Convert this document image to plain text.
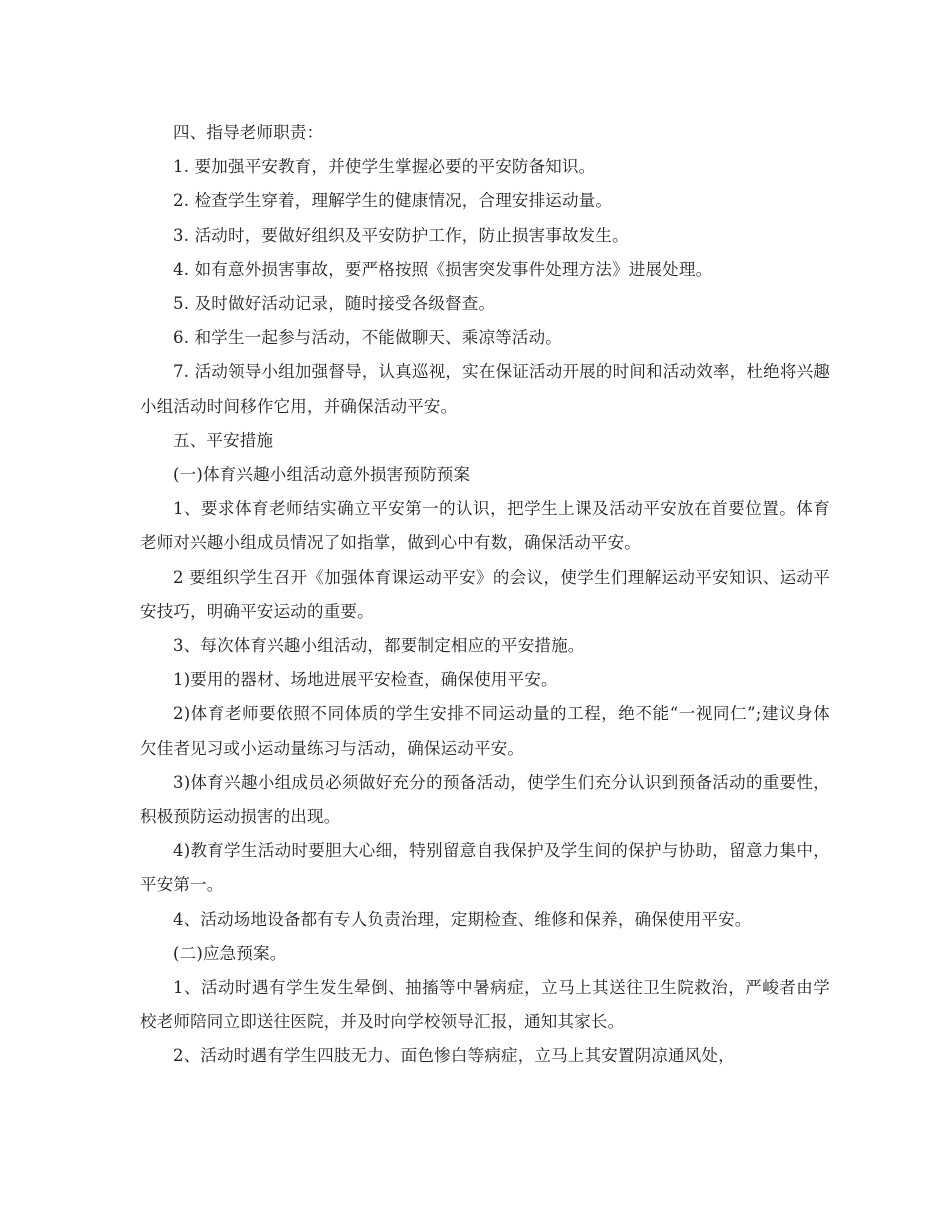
四、指导老师职责：

1. 要加强平安教育，并使学生掌握必要的平安防备知识。

2. 检查学生穿着，理解学生的健康情况，合理安排运动量。

3. 活动时，要做好组织及平安防护工作，防止损害事故发生。

4. 如有意外损害事故，要严格按照《损害突发事件处理方法》进展处理。

5. 及时做好活动记录，随时接受各级督查。

6. 和学生一起参与活动，不能做聊天、乘凉等活动。

7. 活动领导小组加强督导，认真巡视，实在保证活动开展的时间和活动效率，杜绝将兴趣小组活动时间移作它用，并确保活动平安。

五、平安措施

(一)体育兴趣小组活动意外损害预防预案

1、要求体育老师结实确立平安第一的认识，把学生上课及活动平安放在首要位置。体育老师对兴趣小组成员情况了如指掌，做到心中有数，确保活动平安。

2 要组织学生召开《加强体育课运动平安》的会议，使学生们理解运动平安知识、运动平安技巧，明确平安运动的重要。

3、每次体育兴趣小组活动，都要制定相应的平安措施。

1)要用的器材、场地进展平安检查，确保使用平安。

2)体育老师要依照不同体质的学生安排不同运动量的工程，绝不能“一视同仁”;建议身体欠佳者见习或小运动量练习与活动，确保运动平安。

3)体育兴趣小组成员必须做好充分的预备活动，使学生们充分认识到预备活动的重要性，积极预防运动损害的出现。

4)教育学生活动时要胆大心细，特别留意自我保护及学生间的保护与协助，留意力集中，平安第一。

4、活动场地设备都有专人负责治理，定期检查、维修和保养，确保使用平安。

(二)应急预案。

1、活动时遇有学生发生晕倒、抽搐等中暑病症，立马上其送往卫生院救治，严峻者由学校老师陪同立即送往医院，并及时向学校领导汇报，通知其家长。

2、活动时遇有学生四肢无力、面色惨白等病症，立马上其安置阴凉通风处，
